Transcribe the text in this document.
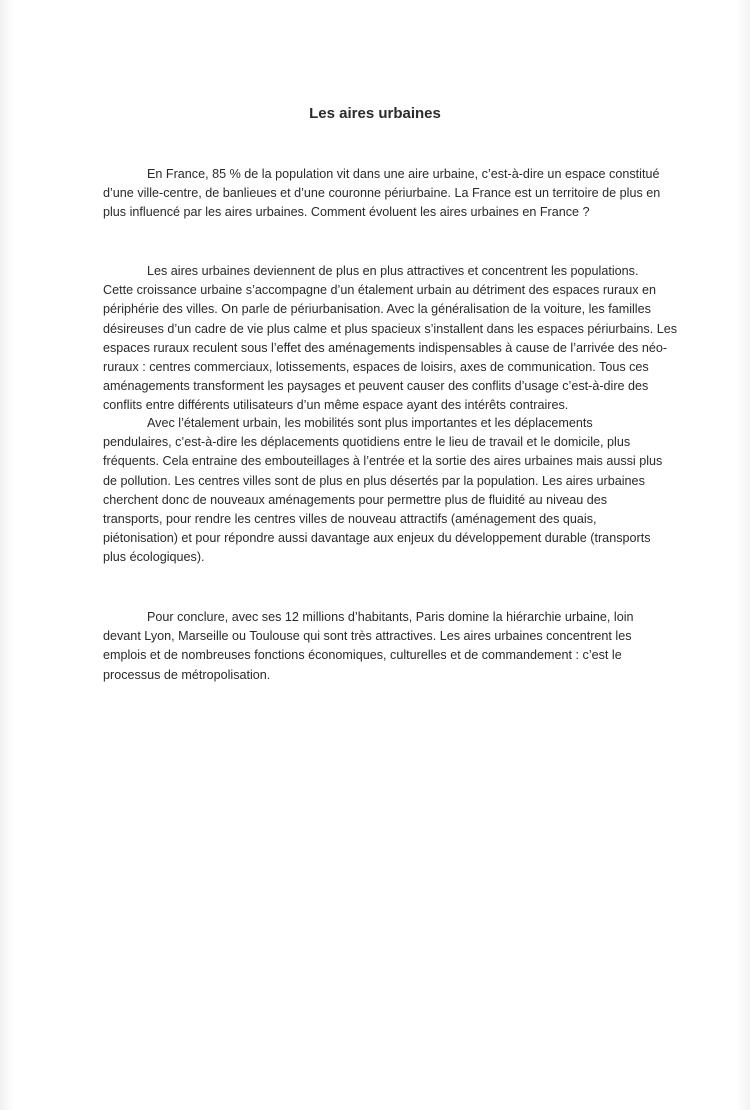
Les aires urbaines
En France, 85 % de la population vit dans une aire urbaine, c’est-à-dire un espace constitué
d’une ville-centre, de banlieues et d’une couronne périurbaine. La France est un territoire de plus en
plus influencé par les aires urbaines. Comment évoluent les aires urbaines en France ?
Les aires urbaines deviennent de plus en plus attractives et concentrent les populations.
Cette croissance urbaine s’accompagne d’un étalement urbain au détriment des espaces ruraux en
périphérie des villes. On parle de périurbanisation. Avec la généralisation de la voiture, les familles
désireuses d’un cadre de vie plus calme et plus spacieux s’installent dans les espaces périurbains. Les
espaces ruraux reculent sous l’effet des aménagements indispensables à cause de l’arrivée des néo-
ruraux : centres commerciaux, lotissements, espaces de loisirs, axes de communication. Tous ces
aménagements transforment les paysages et peuvent causer des conflits d’usage c’est-à-dire des
conflits entre différents utilisateurs d’un même espace ayant des intérêts contraires.
Avec l’étalement urbain, les mobilités sont plus importantes et les déplacements
pendulaires, c’est-à-dire les déplacements quotidiens entre le lieu de travail et le domicile, plus
fréquents. Cela entraine des embouteillages à l’entrée et la sortie des aires urbaines mais aussi plus
de pollution. Les centres villes sont de plus en plus désertés par la population. Les aires urbaines
cherchent donc de nouveaux aménagements pour permettre plus de fluidité au niveau des
transports, pour rendre les centres villes de nouveau attractifs (aménagement des quais,
piétonisation) et pour répondre aussi davantage aux enjeux du développement durable (transports
plus écologiques).
Pour conclure, avec ses 12 millions d’habitants, Paris domine la hiérarchie urbaine, loin
devant Lyon, Marseille ou Toulouse qui sont très attractives. Les aires urbaines concentrent les
emplois et de nombreuses fonctions économiques, culturelles et de commandement : c’est le
processus de métropolisation.
